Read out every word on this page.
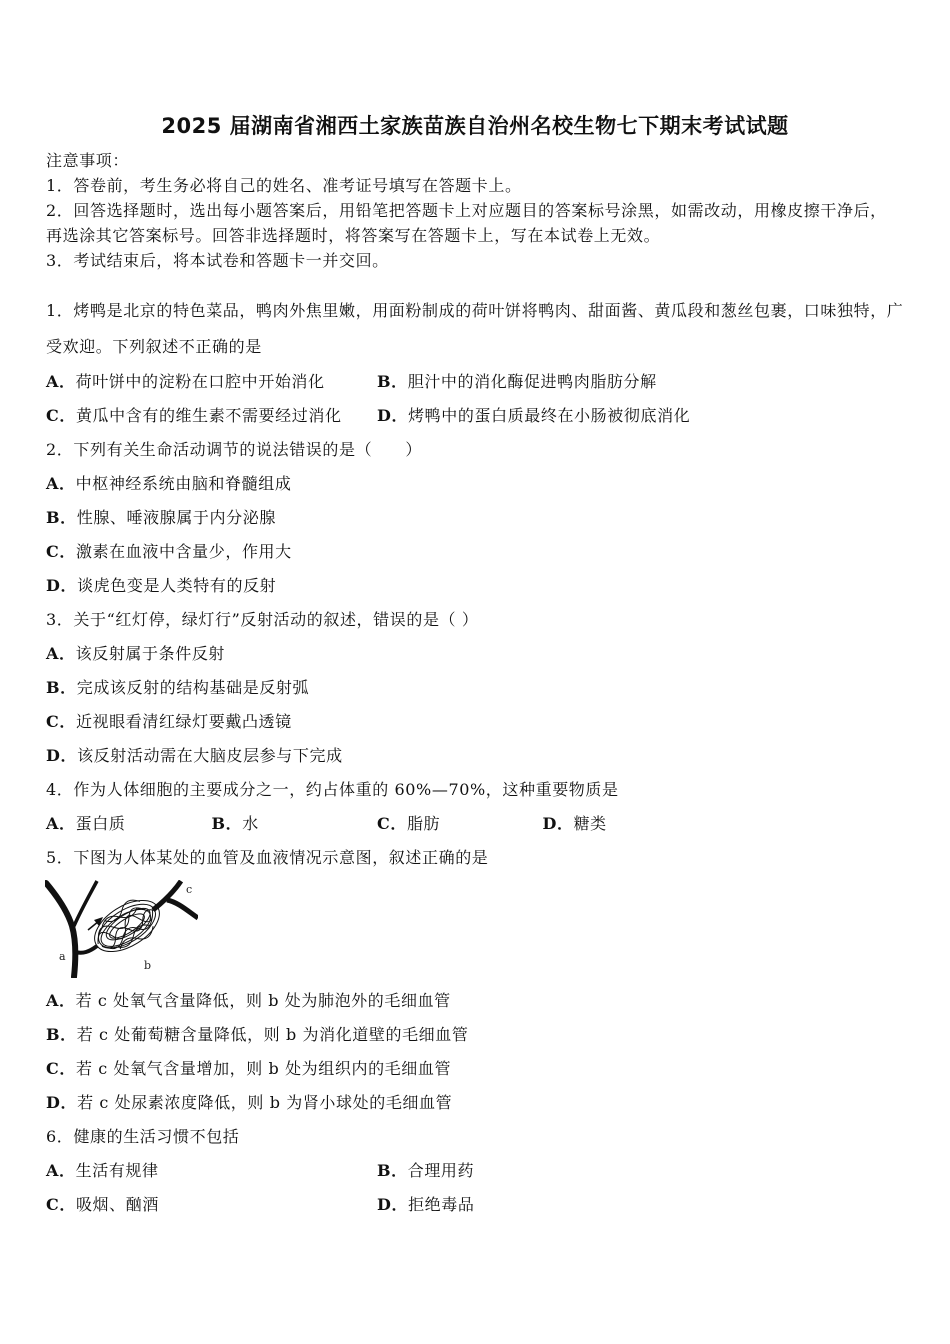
2025 届湖南省湘西土家族苗族自治州名校生物七下期末考试试题
注意事项：
1．答卷前，考生务必将自己的姓名、准考证号填写在答题卡上。
2．回答选择题时，选出每小题答案后，用铅笔把答题卡上对应题目的答案标号涂黑，如需改动，用橡皮擦干净后，再选涂其它答案标号。回答非选择题时，将答案写在答题卡上，写在本试卷上无效。
3．考试结束后，将本试卷和答题卡一并交回。
1．烤鸭是北京的特色菜品，鸭肉外焦里嫩，用面粉制成的荷叶饼将鸭肉、甜面酱、黄瓜段和葱丝包裹，口味独特，广受欢迎。下列叙述不正确的是
A．荷叶饼中的淀粉在口腔中开始消化	B．胆汁中的消化酶促进鸭肉脂肪分解
C．黄瓜中含有的维生素不需要经过消化	D．烤鸭中的蛋白质最终在小肠被彻底消化
2．下列有关生命活动调节的说法错误的是（　　）
A．中枢神经系统由脑和脊髓组成
B．性腺、唾液腺属于内分泌腺
C．激素在血液中含量少，作用大
D．谈虎色变是人类特有的反射
3．关于“红灯停，绿灯行”反射活动的叙述，错误的是（ ）
A．该反射属于条件反射
B．完成该反射的结构基础是反射弧
C．近视眼看清红绿灯要戴凸透镜
D．该反射活动需在大脑皮层参与下完成
4．作为人体细胞的主要成分之一，约占体重的 60%—70%，这种重要物质是
A．蛋白质	B．水	C．脂肪	D．糖类
5．下图为人体某处的血管及血液情况示意图，叙述正确的是
a
b
c
A．若 c 处氧气含量降低，则 b 处为肺泡外的毛细血管
B．若 c 处葡萄糖含量降低，则 b 为消化道壁的毛细血管
C．若 c 处氧气含量增加，则 b 处为组织内的毛细血管
D．若 c 处尿素浓度降低，则 b 为肾小球处的毛细血管
6．健康的生活习惯不包括
A．生活有规律	B．合理用药
C．吸烟、酗酒	D．拒绝毒品
